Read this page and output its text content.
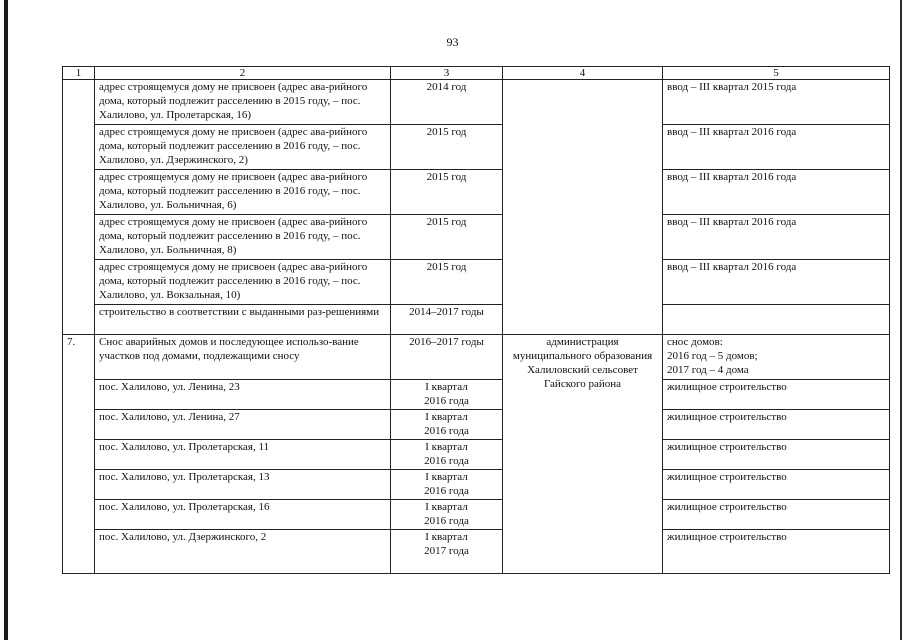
93
1	2	3	4	5
	адрес строящемуся дому не присвоен (адрес ава-рийного дома, который подлежит расселению в 2015 году, – пос. Халилово, ул. Пролетарская, 16)	2014 год		ввод – III квартал 2015 года
	адрес строящемуся дому не присвоен (адрес ава-рийного дома, который подлежит расселению в 2016 году, – пос. Халилово, ул. Дзержинского, 2)	2015 год		ввод – III квартал 2016 года
	адрес строящемуся дому не присвоен (адрес ава-рийного дома, который подлежит расселению в 2016 году, – пос. Халилово, ул. Больничная, 6)	2015 год		ввод – III квартал 2016 года
	адрес строящемуся дому не присвоен (адрес ава-рийного дома, который подлежит расселению в 2016 году, – пос. Халилово, ул. Больничная, 8)	2015 год		ввод – III квартал 2016 года
	адрес строящемуся дому не присвоен (адрес ава-рийного дома, который подлежит расселению в 2016 году, – пос. Халилово, ул. Вокзальная, 10)	2015 год		ввод – III квартал 2016 года
	строительство в соответствии с выданными раз-решениями	2014–2017 годы		
7.	Снос аварийных домов и последующее использо-вание участков под домами, подлежащими сносу	2016–2017 годы	администрация муниципального образования Халиловский сельсовет Гайского района	снос домов:
2016 год – 5 домов;
2017 год – 4 дома

	пос. Халилово, ул. Ленина, 23	I квартал
2016 года		жилищное строительство
	пос. Халилово, ул. Ленина, 27	I квартал
2016 года		жилищное строительство
	пос. Халилово, ул. Пролетарская, 11	I квартал
2016 года		жилищное строительство
	пос. Халилово, ул. Пролетарская, 13	I квартал
2016 года		жилищное строительство
	пос. Халилово, ул. Пролетарская, 16	I квартал
2016 года		жилищное строительство
	пос. Халилово, ул. Дзержинского, 2	I квартал
2017 года		жилищное строительство
